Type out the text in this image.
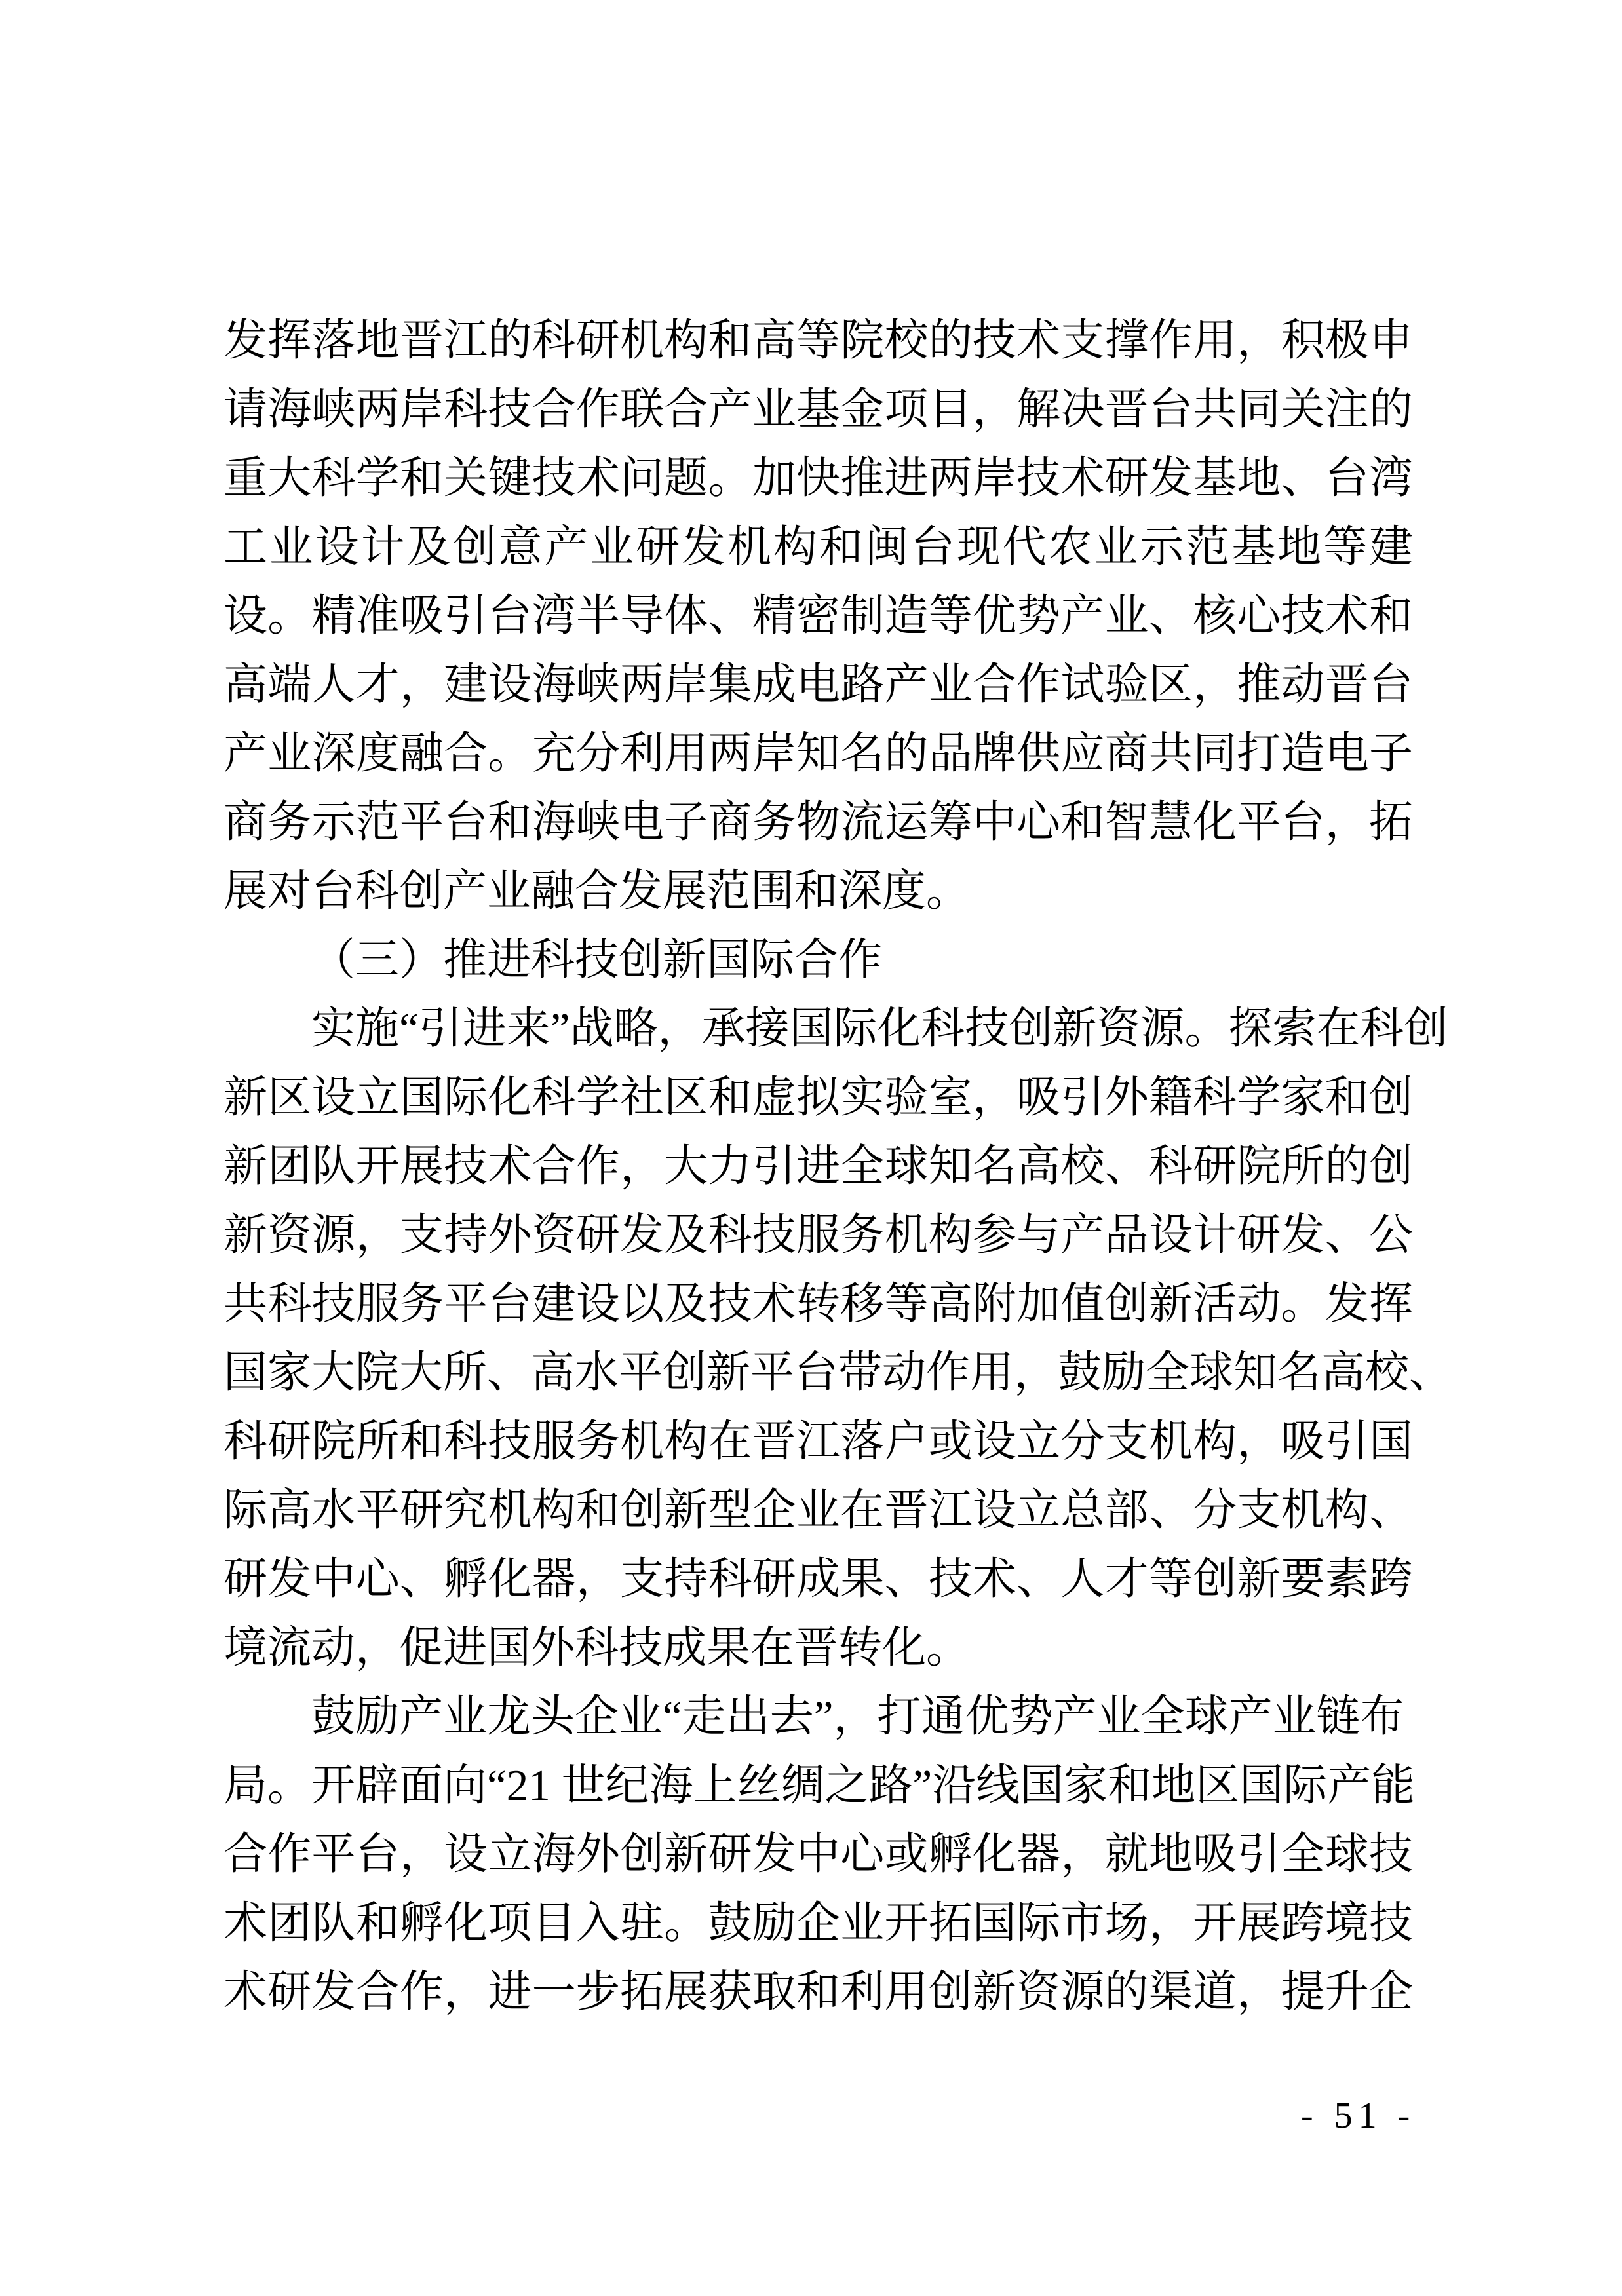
发挥落地晋江的科研机构和高等院校的技术支撑作用，积极申
请海峡两岸科技合作联合产业基金项目，解决晋台共同关注的
重大科学和关键技术问题。加快推进两岸技术研发基地、台湾
工业设计及创意产业研发机构和闽台现代农业示范基地等建
设。精准吸引台湾半导体、精密制造等优势产业、核心技术和
高端人才，建设海峡两岸集成电路产业合作试验区，推动晋台
产业深度融合。充分利用两岸知名的品牌供应商共同打造电子
商务示范平台和海峡电子商务物流运筹中心和智慧化平台，拓
展对台科创产业融合发展范围和深度。
（三）推进科技创新国际合作
实施“引进来”战略，承接国际化科技创新资源。探索在科创
新区设立国际化科学社区和虚拟实验室，吸引外籍科学家和创
新团队开展技术合作，大力引进全球知名高校、科研院所的创
新资源，支持外资研发及科技服务机构参与产品设计研发、公
共科技服务平台建设以及技术转移等高附加值创新活动。发挥
国家大院大所、高水平创新平台带动作用，鼓励全球知名高校、
科研院所和科技服务机构在晋江落户或设立分支机构，吸引国
际高水平研究机构和创新型企业在晋江设立总部、分支机构、
研发中心、孵化器，支持科研成果、技术、人才等创新要素跨
境流动，促进国外科技成果在晋转化。
鼓励产业龙头企业“走出去”，打通优势产业全球产业链布
局。开辟面向“21 世纪海上丝绸之路”沿线国家和地区国际产能
合作平台，设立海外创新研发中心或孵化器，就地吸引全球技
术团队和孵化项目入驻。鼓励企业开拓国际市场，开展跨境技
术研发合作，进一步拓展获取和利用创新资源的渠道，提升企
- 51 -
